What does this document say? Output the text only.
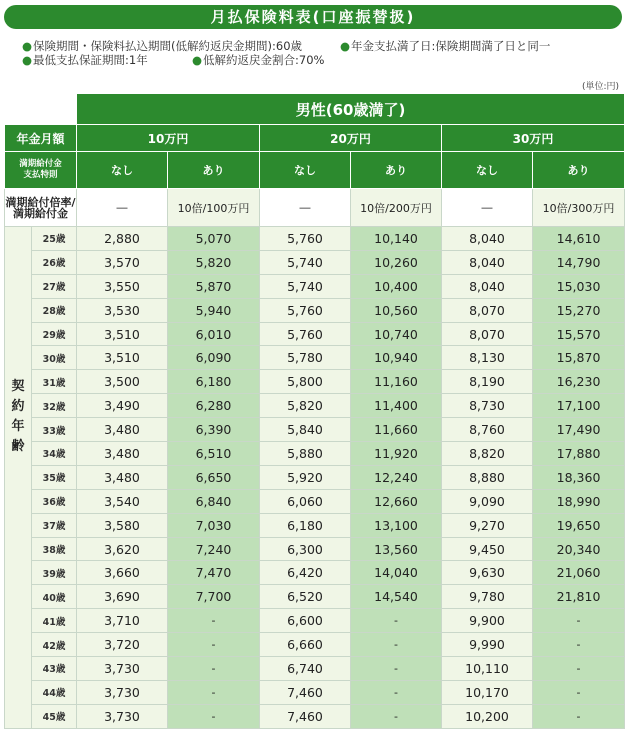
月払保険料表(口座振替扱)
●保険期間・保険料払込期間(低解約返戻金期間):60歳	●年金支払満了日:保険期間満了日と同一
●最低支払保証期間:1年	●低解約返戻金割合:70%
(単位:円)
		男性(60歳満了)					
年金月額		10万円		20万円		30万円	
満期給付金
支払特則		なし	あり	なし	あり	なし	あり
満期給付倍率/
満期給付金		―	10倍/100万円	―	10倍/200万円	―	10倍/300万円
契
約
年
齢	25歳	2,880	5,070	5,760	10,140	8,040	14,610
	26歳	3,570	5,820	5,740	10,260	8,040	14,790
	27歳	3,550	5,870	5,740	10,400	8,040	15,030
	28歳	3,530	5,940	5,760	10,560	8,070	15,270
	29歳	3,510	6,010	5,760	10,740	8,070	15,570
	30歳	3,510	6,090	5,780	10,940	8,130	15,870
	31歳	3,500	6,180	5,800	11,160	8,190	16,230
	32歳	3,490	6,280	5,820	11,400	8,730	17,100
	33歳	3,480	6,390	5,840	11,660	8,760	17,490
	34歳	3,480	6,510	5,880	11,920	8,820	17,880
	35歳	3,480	6,650	5,920	12,240	8,880	18,360
	36歳	3,540	6,840	6,060	12,660	9,090	18,990
	37歳	3,580	7,030	6,180	13,100	9,270	19,650
	38歳	3,620	7,240	6,300	13,560	9,450	20,340
	39歳	3,660	7,470	6,420	14,040	9,630	21,060
	40歳	3,690	7,700	6,520	14,540	9,780	21,810
	41歳	3,710	-	6,600	-	9,900	-
	42歳	3,720	-	6,660	-	9,990	-
	43歳	3,730	-	6,740	-	10,110	-
	44歳	3,730	-	7,460	-	10,170	-
	45歳	3,730	-	7,460	-	10,200	-
